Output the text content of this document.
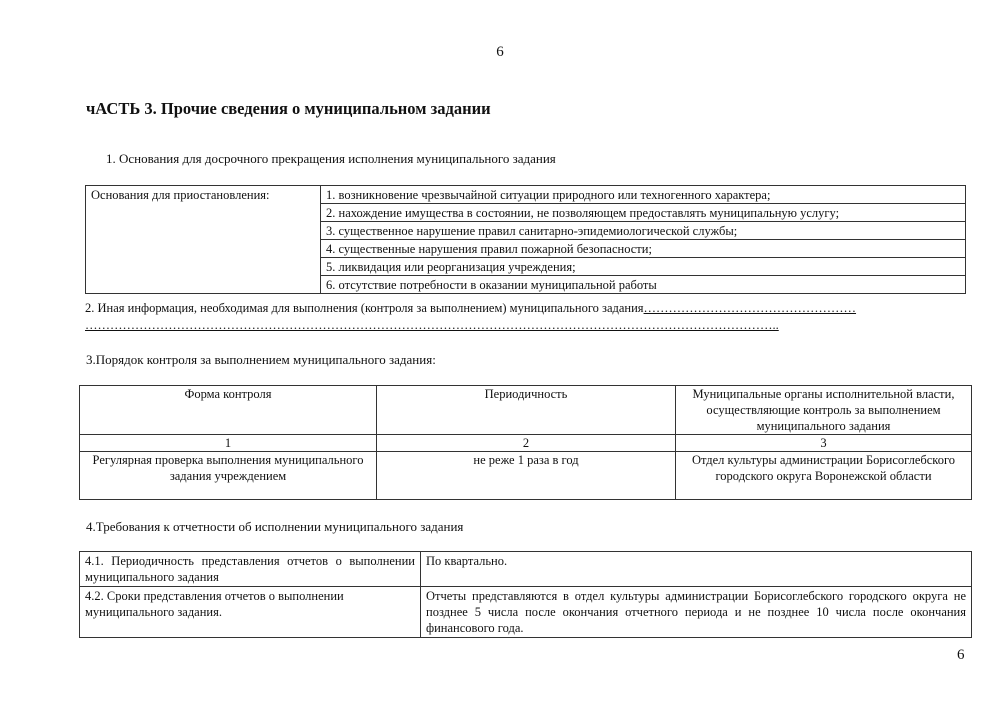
6
чАСТЬ 3. Прочие сведения о муниципальном задании
1. Основания для досрочного прекращения исполнения муниципального задания
Основания для приостановления:	1. возникновение чрезвычайной ситуации природного или техногенного характера;
2. нахождение имущества в состоянии, не позволяющем предоставлять муниципальную услугу;
3. существенное нарушение правил санитарно-эпидемиологической службы;
4. существенные нарушения правил пожарной безопасности;
5. ликвидация или реорганизация учреждения;
6. отсутствие потребности в оказании муниципальной работы
2. Иная информация, необходимая для выполнения (контроля за выполнением) муниципального задания……………………………………………
…………………………………………………………………………………………………………………………………………………..
3.Порядок контроля за выполнением муниципального задания:
Форма контроля	Периодичность	Муниципальные органы исполнительной власти, осуществляющие контроль за выполнением муниципального задания
1	2	3
Регулярная проверка выполнения муниципального задания учреждением	не реже 1 раза в год	Отдел культуры администрации Борисоглебского городского округа Воронежской области
4.Требования к отчетности об исполнении муниципального задания
4.1. Периодичность представления отчетов о выполнении муниципального задания	По квартально.
4.2. Сроки представления отчетов о выполнении муниципального задания.	Отчеты представляются в отдел культуры администрации Борисоглебского городского округа не позднее 5 числа после окончания отчетного периода и не позднее 10 числа после окончания финансового года.
6
